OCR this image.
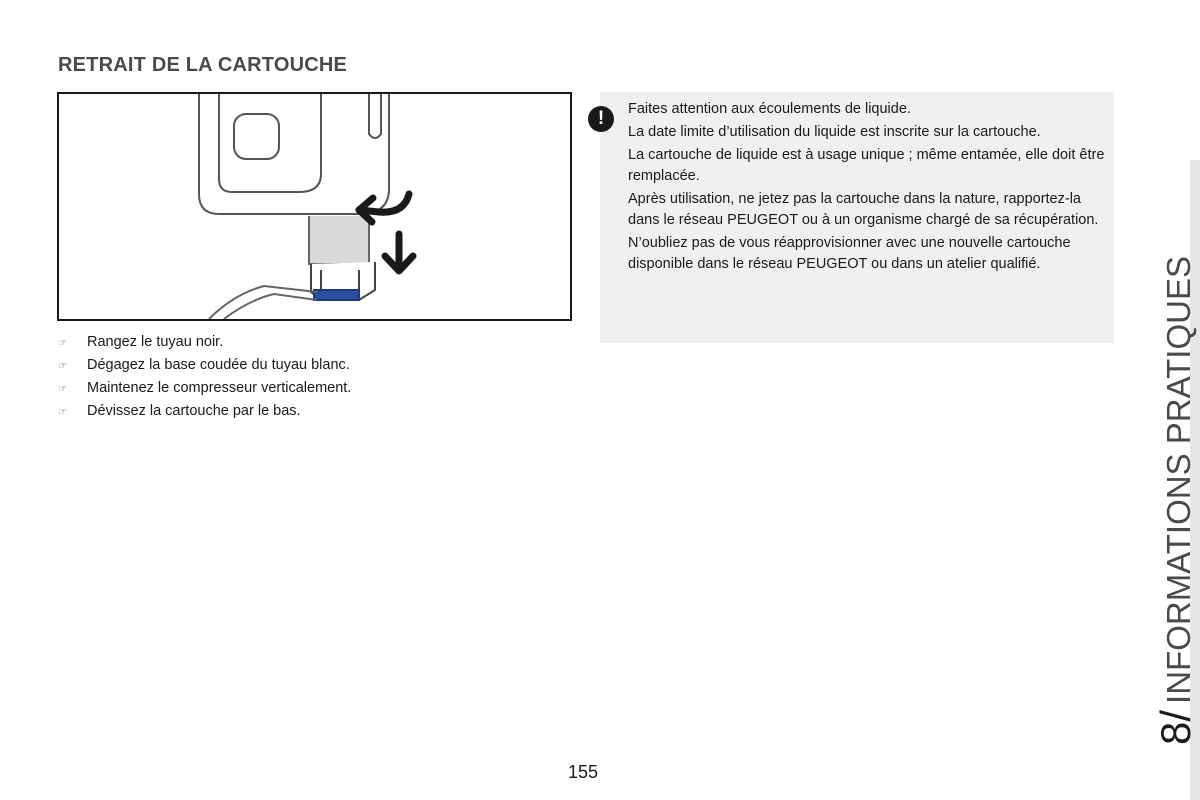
RETRAIT DE LA CARTOUCHE
☞	Rangez le tuyau noir.
☞	Dégagez la base coudée du tuyau blanc.
☞	Maintenez le compresseur verticalement.
☞	Dévissez la cartouche par le bas.
!	Faites attention aux écoulements de liquide.

La date limite d’utilisation du liquide est inscrite sur la cartouche.

La cartouche de liquide est à usage unique ; même entamée, elle doit être remplacée.

Après utilisation, ne jetez pas la cartouche dans la nature, rapportez-la dans le réseau PEUGEOT ou à un organisme chargé de sa récupération.

N’oubliez pas de vous réapprovisionner avec une nouvelle cartouche disponible dans le réseau PEUGEOT ou dans un atelier qualifié.

8/INFORMATIONS PRATIQUES
155
